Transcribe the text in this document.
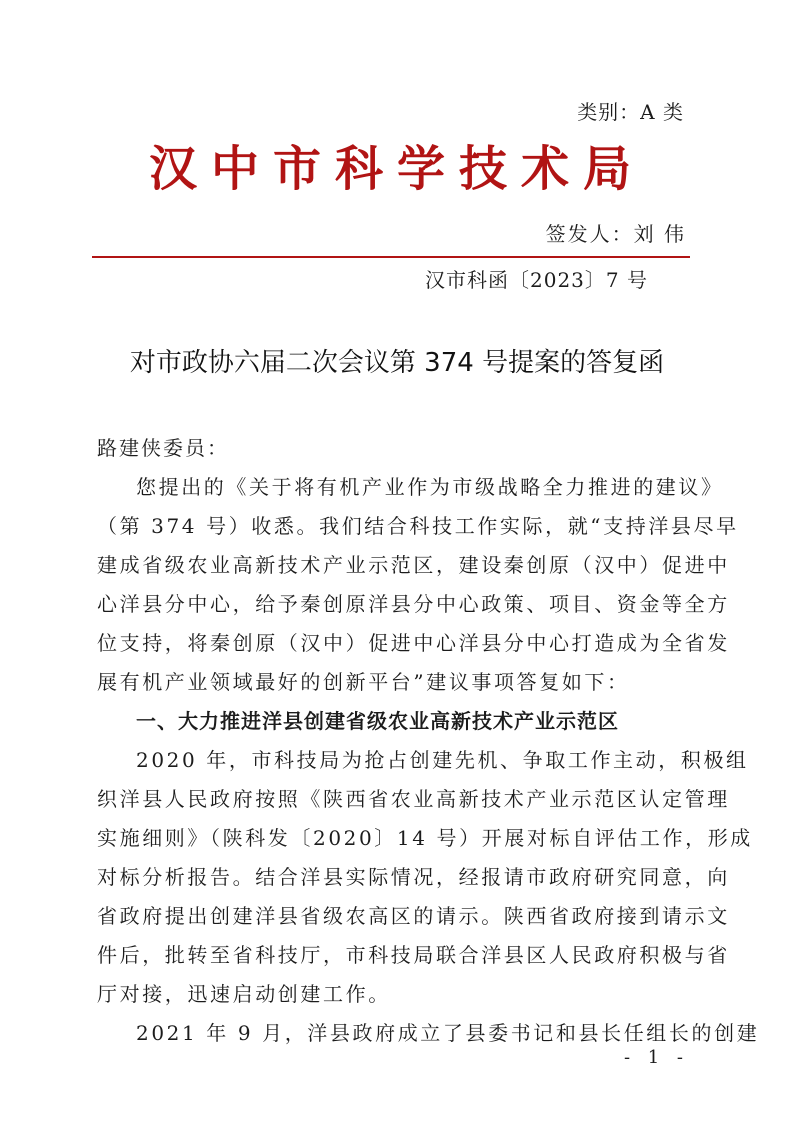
类别：A 类
汉中市科学技术局
签发人：刘 伟
汉市科函〔2023〕7 号
对市政协六届二次会议第 374 号提案的答复函
路建侠委员：
您提出的《关于将有机产业作为市级战略全力推进的建议》
（第 374 号）收悉。我们结合科技工作实际，就“支持洋县尽早
建成省级农业高新技术产业示范区，建设秦创原（汉中）促进中
心洋县分中心，给予秦创原洋县分中心政策、项目、资金等全方
位支持，将秦创原（汉中）促进中心洋县分中心打造成为全省发
展有机产业领域最好的创新平台”建议事项答复如下：
一、大力推进洋县创建省级农业高新技术产业示范区
2020 年，市科技局为抢占创建先机、争取工作主动，积极组
织洋县人民政府按照《陕西省农业高新技术产业示范区认定管理
实施细则》（陕科发〔2020〕14 号）开展对标自评估工作，形成
对标分析报告。结合洋县实际情况，经报请市政府研究同意，向
省政府提出创建洋县省级农高区的请示。陕西省政府接到请示文
件后，批转至省科技厅，市科技局联合洋县区人民政府积极与省
厅对接，迅速启动创建工作。
2021 年 9 月，洋县政府成立了县委书记和县长任组长的创建
- 1 -
